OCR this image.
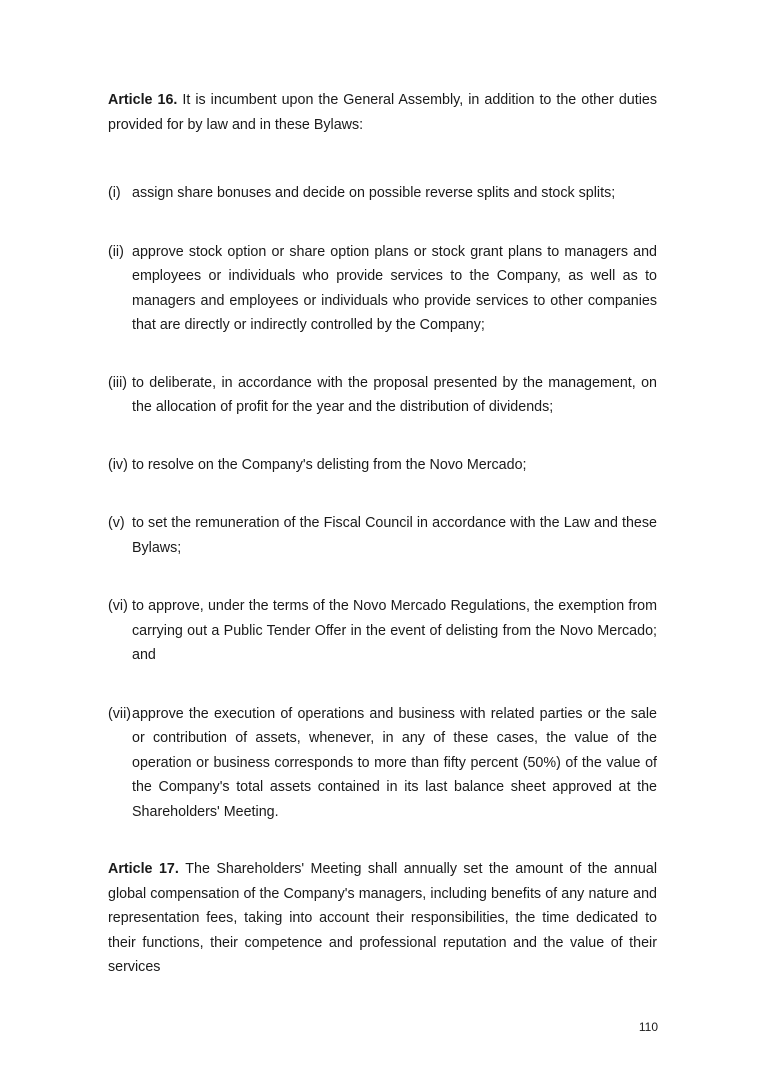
Article 16. It is incumbent upon the General Assembly, in addition to the other duties provided for by law and in these Bylaws:

(i) assign share bonuses and decide on possible reverse splits and stock splits;

(ii) approve stock option or share option plans or stock grant plans to managers and employees or individuals who provide services to the Company, as well as to managers and employees or individuals who provide services to other companies that are directly or indirectly controlled by the Company;

(iii) to deliberate, in accordance with the proposal presented by the management, on the allocation of profit for the year and the distribution of dividends;

(iv) to resolve on the Company's delisting from the Novo Mercado;

(v) to set the remuneration of the Fiscal Council in accordance with the Law and these Bylaws;

(vi) to approve, under the terms of the Novo Mercado Regulations, the exemption from carrying out a Public Tender Offer in the event of delisting from the Novo Mercado; and

(vii) approve the execution of operations and business with related parties or the sale or contribution of assets, whenever, in any of these cases, the value of the operation or business corresponds to more than fifty percent (50%) of the value of the Company's total assets contained in its last balance sheet approved at the Shareholders' Meeting.

Article 17. The Shareholders' Meeting shall annually set the amount of the annual global compensation of the Company's managers, including benefits of any nature and representation fees, taking into account their responsibilities, the time dedicated to their functions, their competence and professional reputation and the value of their services

110
